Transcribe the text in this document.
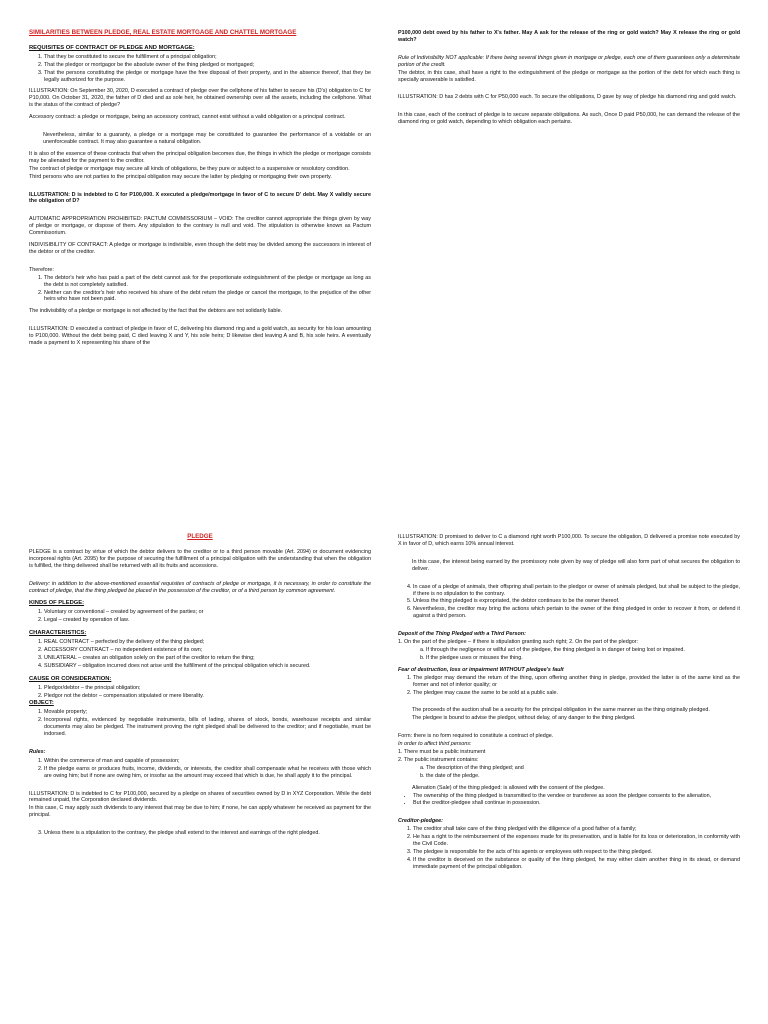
SIMILARITIES BETWEEN PLEDGE, REAL ESTATE MORTGAGE AND CHATTEL MORTGAGE

REQUISITES OF CONTRACT OF PLEDGE AND MORTGAGE:
1. That they be constituted to secure the fulfillment of a principal obligation;
2. That the pledgor or mortgagor be the absolute owner of the thing pledged or mortgaged;
3. That the persons constituting the pledge or mortgage have the free disposal of their property, and in the absence thereof, that they be legally authorized for the purpose.

ILLUSTRATION: On September 30, 2020, D executed a contract of pledge over the cellphone of his father to secure his (D's) obligation to C for P10,000. On October 31, 2020, the father of D died and as sole heir, he obtained ownership over all the assets, including the cellphone. What is the status of the contract of pledge?

Accessory contract: a pledge or mortgage, being an accessory contract, cannot exist without a valid obligation or a principal contract.

Nevertheless, similar to a guaranty, a pledge or a mortgage may be constituted to guarantee the performance of a voidable or an unenforceable contract. It may also guarantee a natural obligation.

It is also of the essence of these contracts that when the principal obligation becomes due, the things in which the pledge or mortgage consists may be alienated for the payment to the creditor.

The contract of pledge or mortgage may secure all kinds of obligations, be they pure or subject to a suspensive or resolutory condition.

Third persons who are not parties to the principal obligation may secure the latter by pledging or mortgaging their own property.

ILLUSTRATION: D is indebted to C for P100,000. X executed a pledge/mortgage in favor of C to secure D' debt. May X validly secure the obligation of D?

AUTOMATIC APPROPRIATION PROHIBITED: PACTUM COMMISSORIUM – VOID: The creditor cannot appropriate the things given by way of pledge or mortgage, or dispose of them. Any stipulation to the contrary is null and void. The stipulation is otherwise known as Pactum Commissorium.

INDIVISIBILITY OF CONTRACT: A pledge or mortgage is indivisible, even though the debt may be divided among the successors in interest of the debtor or of the creditor.

Therefore:

1. The debtor's heir who has paid a part of the debt cannot ask for the proportionate extinguishment of the pledge or mortgage as long as the debt is not completely satisfied.
2. Neither can the creditor's heir who received his share of the debt return the pledge or cancel the mortgage, to the prejudice of the other heirs who have not been paid.

The indivisibility of a pledge or mortgage is not affected by the fact that the debtors are not solidarily liable.

ILLUSTRATION: D executed a contract of pledge in favor of C, delivering his diamond ring and a gold watch, as security for his loan amounting to P100,000. Without the debt being paid, C died leaving X and Y, his sole heirs; D likewise died leaving A and B, his sole heirs. A eventually made a payment to X representing his share of the

P100,000 debt owed by his father to X's father. May A ask for the release of the ring or gold watch? May X release the ring or gold watch?

Rule of Indivisibility NOT applicable: If there being several things given in mortgage or pledge, each one of them guarantees only a determinate portion of the credit.

The debtor, in this case, shall have a right to the extinguishment of the pledge or mortgage as the portion of the debt for which each thing is specially answerable is satisfied.

ILLUSTRATION: D has 2 debts with C for P50,000 each. To secure the obligations, D gave by way of pledge his diamond ring and gold watch.

In this case, each of the contract of pledge is to secure separate obligations. As such, Once D paid P50,000, he can demand the release of the diamond ring or gold watch, depending to which obligation each pertains.

PLEDGE

PLEDGE is a contract by virtue of which the debtor delivers to the creditor or to a third person movable (Art. 2094) or document evidencing incorporeal rights (Art. 2095) for the purpose of securing the fulfillment of a principal obligation with the understanding that when the obligation is fulfilled, the thing delivered shall be returned with all its fruits and accessions.

Delivery: in addition to the above-mentioned essential requisites of contracts of pledge or mortgage, it is necessary, in order to constitute the contract of pledge, that the thing pledged be placed in the possession of the creditor, or of a third person by common agreement.

KINDS OF PLEDGE:
1. Voluntary or conventional – created by agreement of the parties; or
2. Legal – created by operation of law.
CHARACTERISTICS:
1. REAL CONTRACT – perfected by the delivery of the thing pledged;
2. ACCESSORY CONTRACT – no independent existence of its own;
3. UNILATERAL – creates an obligation solely on the part of the creditor to return the thing;
4. SUBSIDIARY – obligation incurred does not arise until the fulfillment of the principal obligation which is secured.
CAUSE OR CONSIDERATION:
1. Pledgor/debtor – the principal obligation;
2. Pledgor not the debtor – compensation stipulated or mere liberality.
OBJECT:
1. Movable property;
2. Incorporeal rights, evidenced by negotiable instruments, bills of lading, shares of stock, bonds, warehouse receipts and similar documents may also be pledged. The instrument proving the right pledged shall be delivered to the creditor; and if negotiable, must be indorsed.

Rules:

1. Within the commerce of man and capable of possession;
2. If the pledge earns or produces fruits, income, dividends, or interests, the creditor shall compensate what he receives with those which are owing him; but if none are owing him, or insofar as the amount may exceed that which is due, he shall apply it to the principal.

ILLUSTRATION: D is indebted to C for P100,000, secured by a pledge on shares of securities owned by D in XYZ Corporation. While the debt remained unpaid, the Corporation declared dividends.

In this case, C may apply such dividends to any interest that may be due to him; if none, he can apply whatever he received as payment for the principal.

3. Unless there is a stipulation to the contrary, the pledge shall extend to the interest and earnings of the right pledged.

ILLUSTRATION: D promised to deliver to C a diamond right worth P100,000. To secure the obligation, D delivered a promise note executed by X in favor of D, which earns 10% annual interest.

In this case, the interest being earned by the promissory note given by way of pledge will also form part of what secures the obligation to deliver.

4. In case of a pledge of animals, their offspring shall pertain to the pledgor or owner of animals pledged, but shall be subject to the pledge, if there is no stipulation to the contrary.
5. Unless the thing pledged is expropriated, the debtor continues to be the owner thereof.
6. Nevertheless, the creditor may bring the actions which pertain to the owner of the thing pledged in order to recover it from, or defend it against a third person.

Deposit of the Thing Pledged with a Third Person:

1. On the part of the pledgee – if there is stipulation granting such right; 2. On the part of the pledgor:

a. If through the negligence or willful act of the pledgee, the thing pledged is in danger of being lost or impaired.
b. If the pledgee uses or misuses the thing.

Fear of destruction, loss or impairment WITHOUT pledgee's fault

1. The pledgor may demand the return of the thing, upon offering another thing in pledge, provided the latter is of the same kind as the former and not of inferior quality; or
2. The pledgee may cause the same to be sold at a public sale.

The proceeds of the auction shall be a security for the principal obligation in the same manner as the thing originally pledged.

The pledgee is bound to advise the pledgor, without delay, of any danger to the thing pledged.

Form: there is no form required to constitute a contract of pledge.

In order to affect third persons:

1. There must be a public instrument

2. The public instrument contains:

a. The description of the thing pledged; and
b. the date of the pledge.

Alienation (Sale) of the thing pledged: is allowed with the consent of the pledgee.

• The ownership of the thing pledged is transmitted to the vendee or transferee as soon the pledgee consents to the alienation,
• But the creditor-pledgee shall continue in possession.

Creditor-pledgee:

1. The creditor shall take care of the thing pledged with the diligence of a good father of a family;
2. He has a right to the reimbursement of the expenses made for its preservation, and is liable for its loss or deterioration, in conformity with the Civil Code.
3. The pledgee is responsible for the acts of his agents or employees with respect to the thing pledged.
4. If the creditor is deceived on the substance or quality of the thing pledged, he may either claim another thing in its stead, or demand immediate payment of the principal obligation.
